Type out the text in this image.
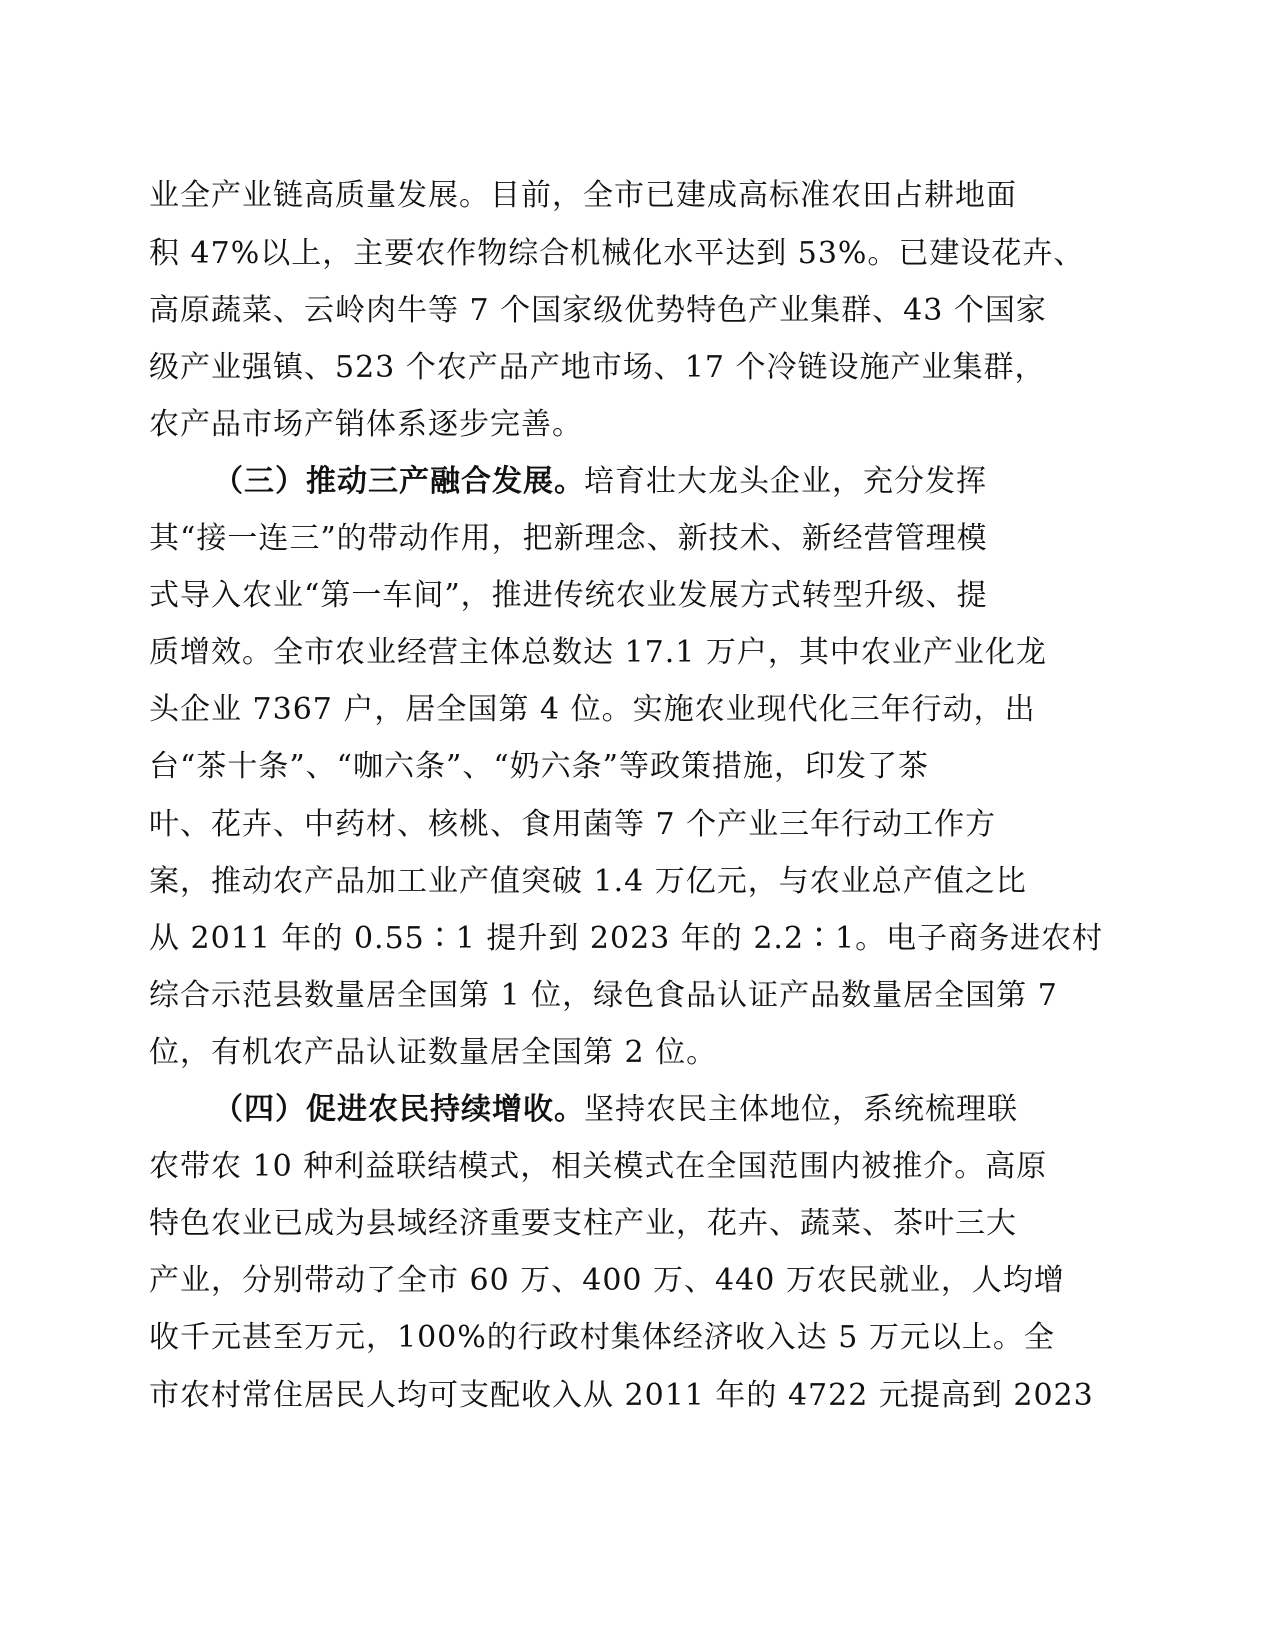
业全产业链高质量发展。目前，全市已建成高标准农田占耕地面

积 47%以上，主要农作物综合机械化水平达到 53%。已建设花卉、

高原蔬菜、云岭肉牛等 7 个国家级优势特色产业集群、43 个国家

级产业强镇、523 个农产品产地市场、17 个冷链设施产业集群，

农产品市场产销体系逐步完善。

（三）推动三产融合发展。 培育壮大龙头企业，充分发挥

其“接一连三”的带动作用，把新理念、新技术、新经营管理模

式导入农业“第一车间”，推进传统农业发展方式转型升级、提

质增效。全市农业经营主体总数达 17.1 万户，其中农业产业化龙

头企业 7367 户，居全国第 4 位。实施农业现代化三年行动，出

台“茶十条”、“咖六条”、“奶六条”等政策措施，印发了茶

叶、花卉、中药材、核桃、食用菌等 7 个产业三年行动工作方

案，推动农产品加工业产值突破 1.4 万亿元，与农业总产值之比

从 2011 年的 0.55∶1 提升到 2023 年的 2.2∶1。电子商务进农村

综合示范县数量居全国第 1 位，绿色食品认证产品数量居全国第 7

位，有机农产品认证数量居全国第 2 位。

（四）促进农民持续增收。 坚持农民主体地位，系统梳理联

农带农 10 种利益联结模式，相关模式在全国范围内被推介。高原

特色农业已成为县域经济重要支柱产业，花卉、蔬菜、茶叶三大

产业，分别带动了全市 60 万、400 万、440 万农民就业，人均增

收千元甚至万元，100%的行政村集体经济收入达 5 万元以上。全

市农村常住居民人均可支配收入从 2011 年的 4722 元提高到 2023
